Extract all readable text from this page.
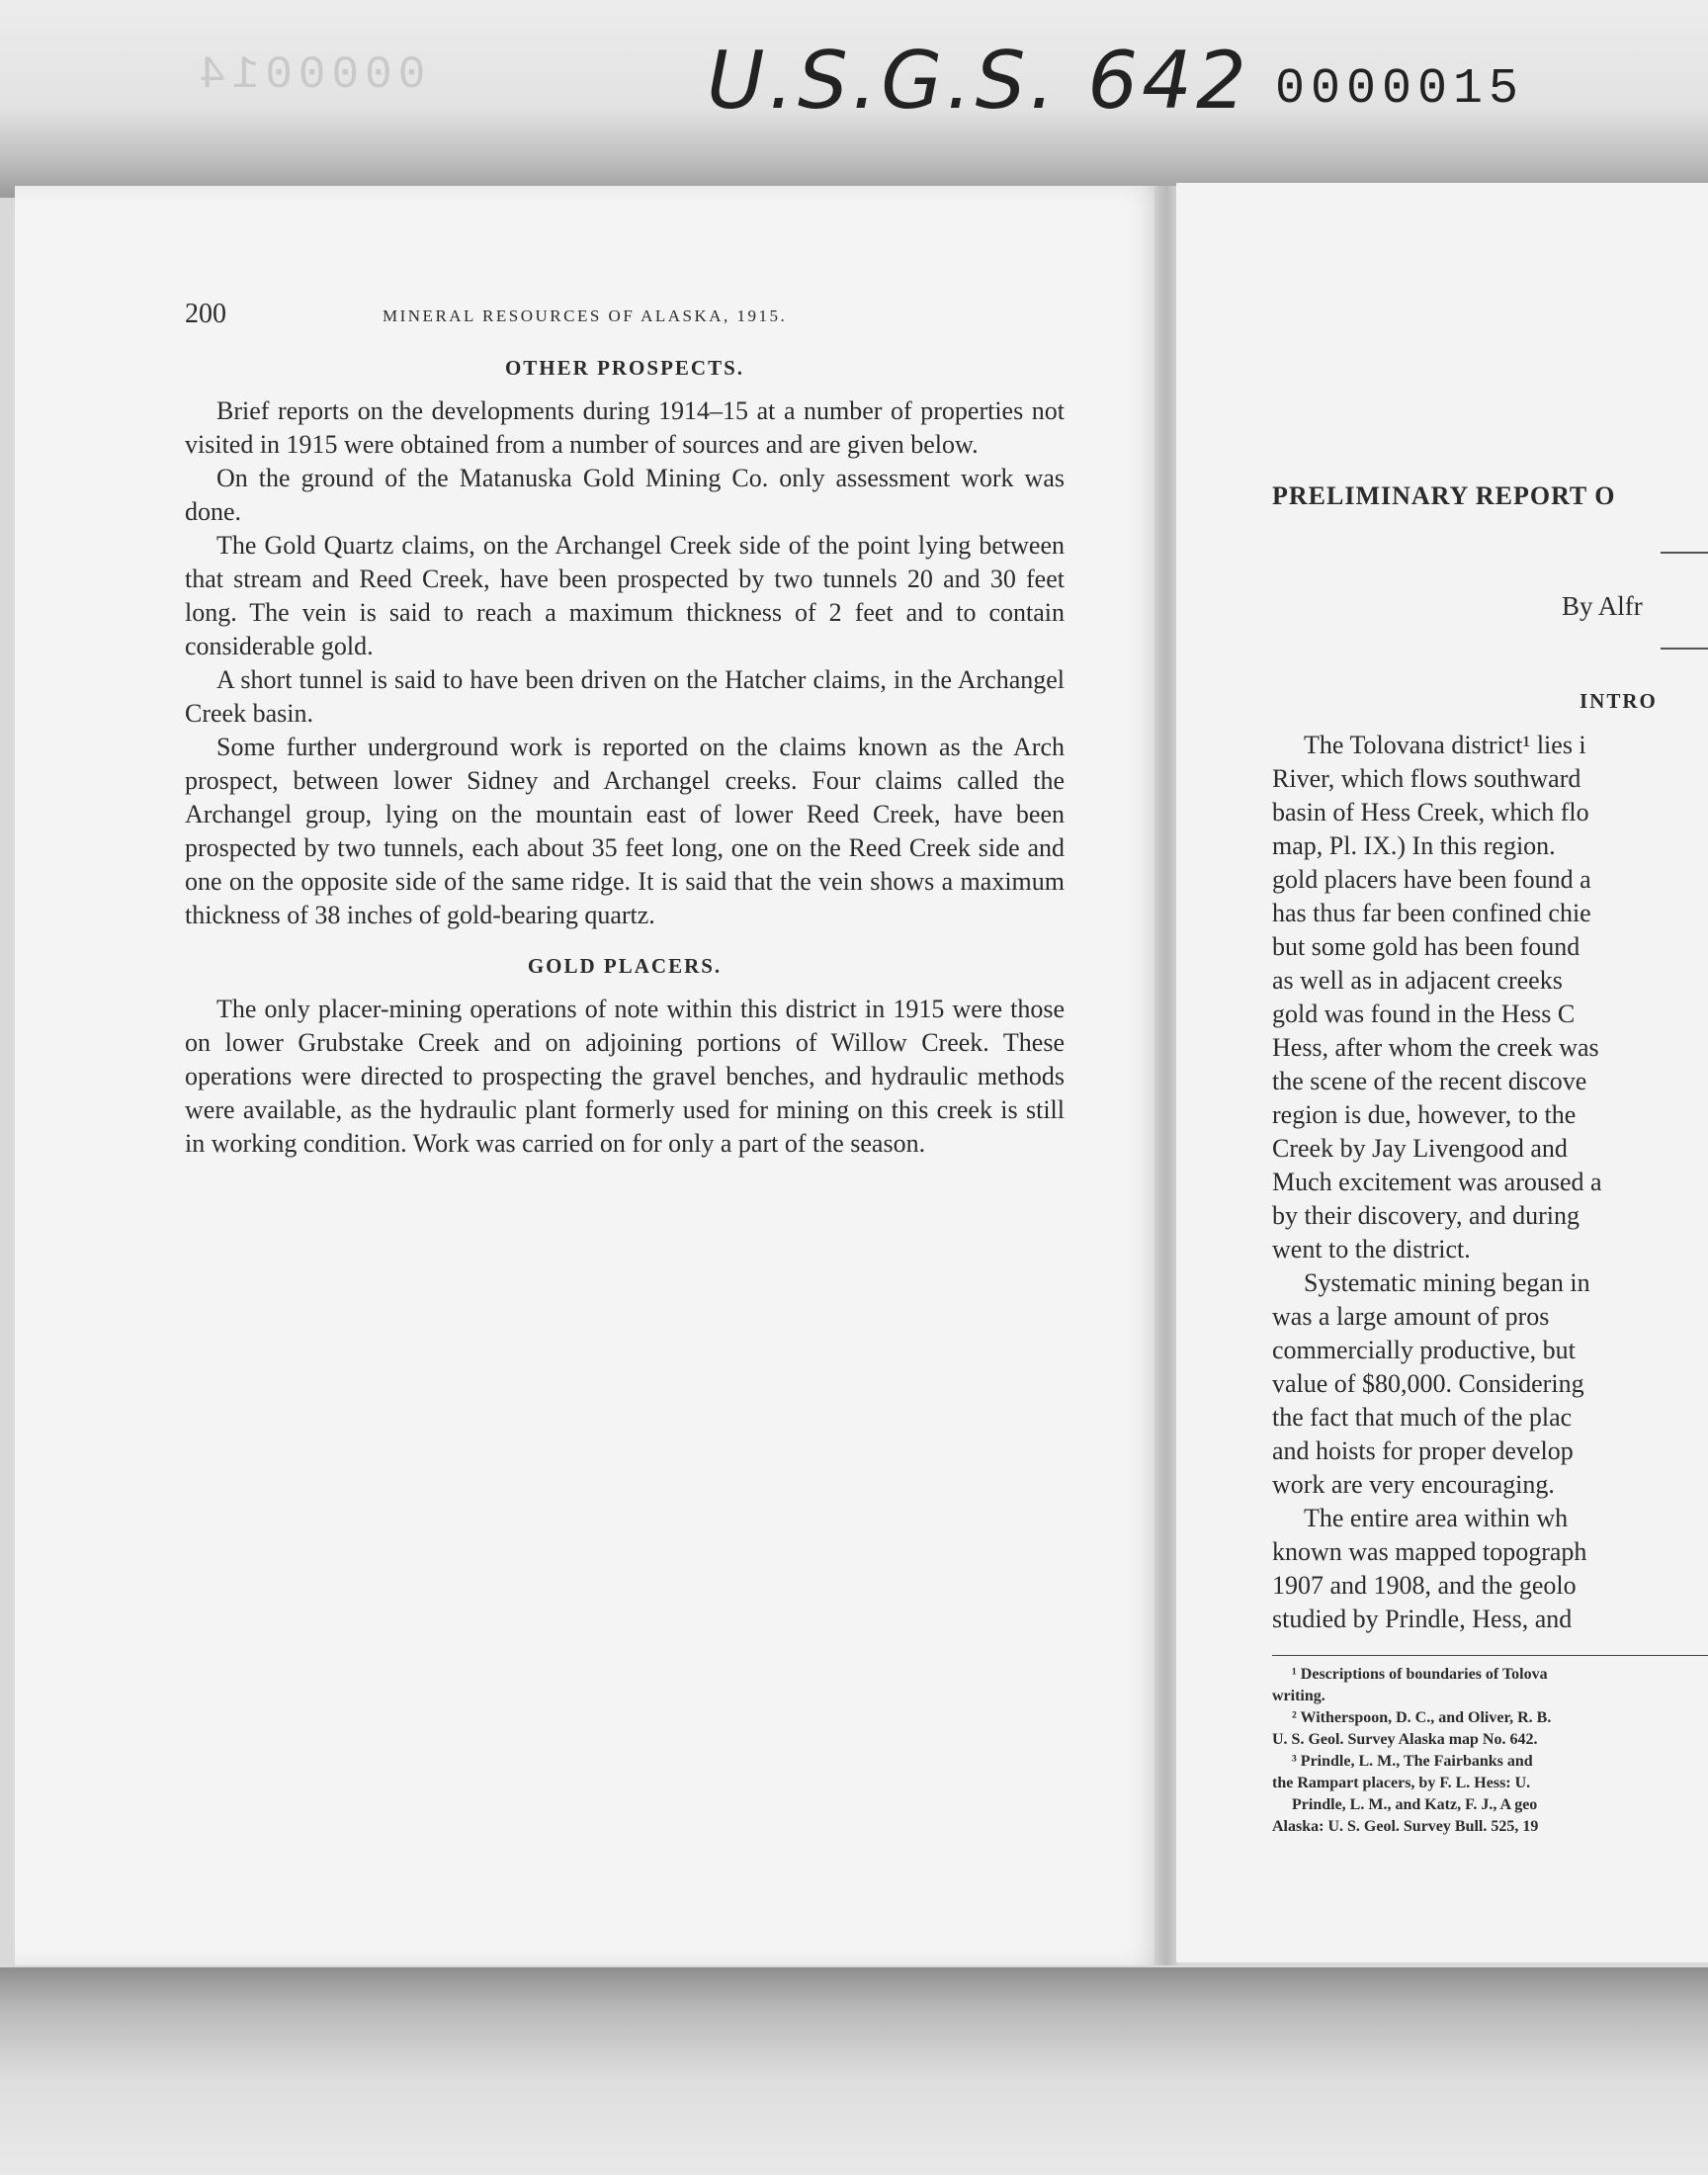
0000014	U.S.G.S. 642 0000015
200	MINERAL RESOURCES OF ALASKA, 1915.
OTHER PROSPECTS.

Brief reports on the developments during 1914–15 at a number of properties not visited in 1915 were obtained from a number of sources and are given below.

On the ground of the Matanuska Gold Mining Co. only assessment work was done.

The Gold Quartz claims, on the Archangel Creek side of the point lying between that stream and Reed Creek, have been prospected by two tunnels 20 and 30 feet long. The vein is said to reach a maximum thickness of 2 feet and to contain considerable gold.

A short tunnel is said to have been driven on the Hatcher claims, in the Archangel Creek basin.

Some further underground work is reported on the claims known as the Arch prospect, between lower Sidney and Archangel creeks. Four claims called the Archangel group, lying on the mountain east of lower Reed Creek, have been prospected by two tunnels, each about 35 feet long, one on the Reed Creek side and one on the opposite side of the same ridge. It is said that the vein shows a maximum thickness of 38 inches of gold-bearing quartz.

GOLD PLACERS.

The only placer-mining operations of note within this district in 1915 were those on lower Grubstake Creek and on adjoining portions of Willow Creek. These operations were directed to prospecting the gravel benches, and hydraulic methods were available, as the hydraulic plant formerly used for mining on this creek is still in working condition. Work was carried on for only a part of the season.

PRELIMINARY REPORT O
By Alfr
INTRO
The Tolovana district¹ lies i
River, which flows southward
basin of Hess Creek, which flo
map, Pl. IX.) In this region.
gold placers have been found a
has thus far been confined chie
but some gold has been found
as well as in adjacent creeks
gold was found in the Hess C
Hess, after whom the creek was
the scene of the recent discove
region is due, however, to the
Creek by Jay Livengood and
Much excitement was aroused a
by their discovery, and during
went to the district.
Systematic mining began in
was a large amount of pros
commercially productive, but
value of $80,000. Considering
the fact that much of the plac
and hoists for proper develop
work are very encouraging.
The entire area within wh
known was mapped topograph
1907 and 1908, and the geolo
studied by Prindle, Hess, and
¹ Descriptions of boundaries of Tolova
writing.
² Witherspoon, D. C., and Oliver, R. B.
U. S. Geol. Survey Alaska map No. 642.
³ Prindle, L. M., The Fairbanks and
the Rampart placers, by F. L. Hess: U.
Prindle, L. M., and Katz, F. J., A geo
Alaska: U. S. Geol. Survey Bull. 525, 19
